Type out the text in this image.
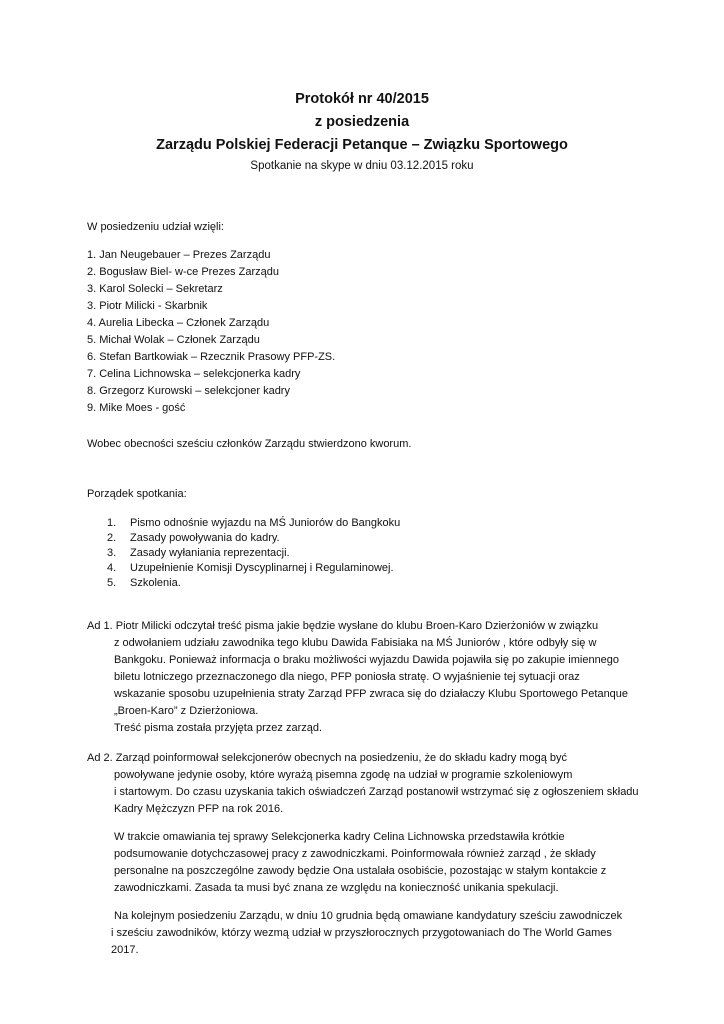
Protokół nr 40/2015

z posiedzenia

Zarządu Polskiej Federacji Petanque – Związku Sportowego

Spotkanie na skype w dniu 03.12.2015 roku

W posiedzeniu udział wzięli:

1. Jan Neugebauer – Prezes Zarządu

2. Bogusław Biel- w-ce Prezes Zarządu

3. Karol Solecki – Sekretarz

3. Piotr Milicki - Skarbnik

4. Aurelia Libecka – Członek Zarządu

5. Michał Wolak – Członek Zarządu

6. Stefan Bartkowiak – Rzecznik Prasowy PFP-ZS.

7. Celina Lichnowska – selekcjonerka kadry

8. Grzegorz Kurowski – selekcjoner kadry

9. Mike Moes - gość

Wobec obecności sześciu członków Zarządu stwierdzono kworum.

Porządek spotkania:

1. Pismo odnośnie wyjazdu na MŚ Juniorów do Bangkoku
2. Zasady powoływania do kadry.
3. Zasady wyłaniania reprezentacji.
4. Uzupełnienie Komisji Dyscyplinarnej i Regulaminowej.
5. Szkolenia.

Ad 1. Piotr Milicki odczytał treść pisma jakie będzie wysłane do klubu Broen-Karo Dzierżoniów w związku

z odwołaniem udziału zawodnika tego klubu Dawida Fabisiaka na MŚ Juniorów , które odbyły się w

Bankgoku. Ponieważ informacja o braku możliwości wyjazdu Dawida pojawiła się po zakupie imiennego

biletu lotniczego przeznaczonego dla niego, PFP poniosła stratę. O wyjaśnienie tej sytuacji oraz

wskazanie sposobu uzupełnienia straty Zarząd PFP zwraca się do działaczy Klubu Sportowego Petanque

„Broen-Karo” z Dzierżoniowa.

Treść pisma została przyjęta przez zarząd.

Ad 2. Zarząd poinformował selekcjonerów obecnych na posiedzeniu, że do składu kadry mogą być

powoływane jedynie osoby, które wyrażą pisemna zgodę na udział w programie szkoleniowym

i startowym. Do czasu uzyskania takich oświadczeń Zarząd postanowił wstrzymać się z ogłoszeniem składu

Kadry Mężczyzn PFP na rok 2016.

W trakcie omawiania tej sprawy Selekcjonerka kadry Celina Lichnowska przedstawiła krótkie

podsumowanie dotychczasowej pracy z zawodniczkami. Poinformowała również zarząd , że składy

personalne na poszczególne zawody będzie Ona ustalała osobiście, pozostając w stałym kontakcie z

zawodniczkami. Zasada ta musi być znana ze względu na konieczność unikania spekulacji.

Na kolejnym posiedzeniu Zarządu, w dniu 10 grudnia będą omawiane kandydatury sześciu zawodniczek

i sześciu zawodników, którzy wezmą udział w przyszłorocznych przygotowaniach do The World Games

2017.
